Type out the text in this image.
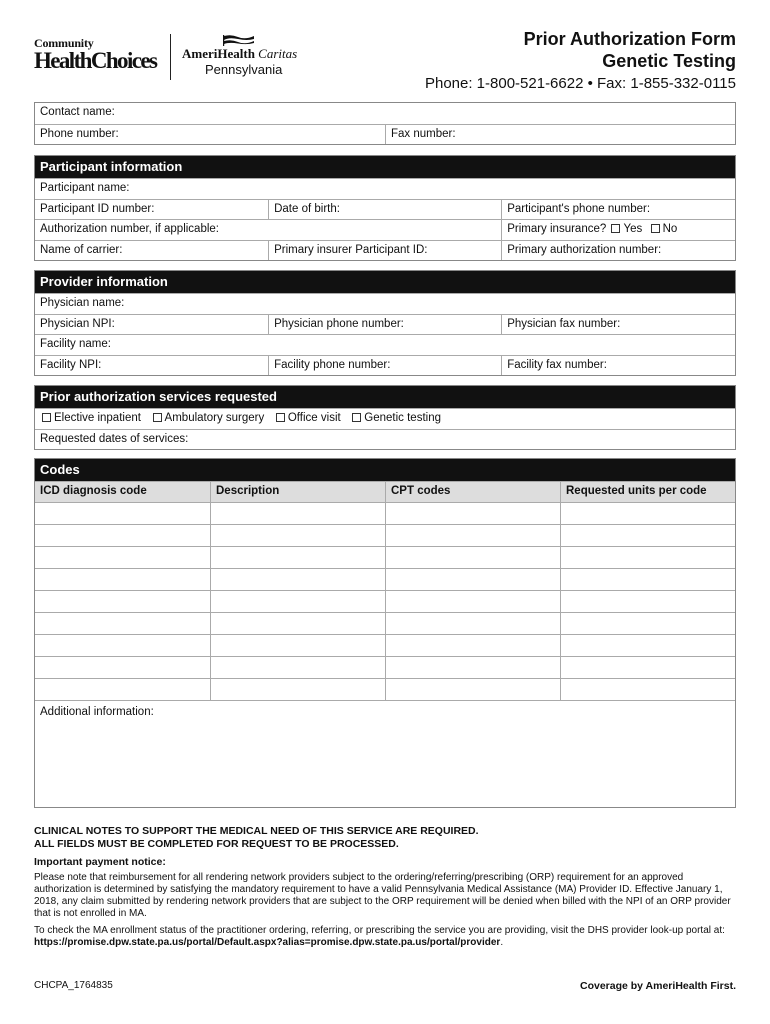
Community
HealthChoices	AmeriHealth Caritas
Pennsylvania
Prior Authorization Form
Genetic Testing
Phone: 1-800-521-6622 • Fax: 1-855-332-0115
Contact name:
Phone number:	Fax number:
Participant information
Participant name:
Participant ID number:	Date of birth:	Participant's phone number:
Authorization number, if applicable:	Primary insurance? Yes No
Name of carrier:	Primary insurer Participant ID:	Primary authorization number:
Provider information
Physician name:
Physician NPI:	Physician phone number:	Physician fax number:
Facility name:
Facility NPI:	Facility phone number:	Facility fax number:
Prior authorization services requested
Elective inpatient Ambulatory surgery Office visit Genetic testing
Requested dates of services:
Codes
ICD diagnosis code	Description	CPT codes	Requested units per code
Additional information:
CLINICAL NOTES TO SUPPORT THE MEDICAL NEED OF THIS SERVICE ARE REQUIRED.
ALL FIELDS MUST BE COMPLETED FOR REQUEST TO BE PROCESSED.
Important payment notice:

Please note that reimbursement for all rendering network providers subject to the ordering/referring/prescribing (ORP) requirement for an approved authorization is determined by satisfying the mandatory requirement to have a valid Pennsylvania Medical Assistance (MA) Provider ID. Effective January 1, 2018, any claim submitted by rendering network providers that are subject to the ORP requirement will be denied when billed with the NPI of an ORP provider that is not enrolled in MA.

To check the MA enrollment status of the practitioner ordering, referring, or prescribing the service you are providing, visit the DHS provider look-up portal at: https://promise.dpw.state.pa.us/portal/Default.aspx?alias=promise.dpw.state.pa.us/portal/provider.

CHCPA_1764835	Coverage by AmeriHealth First.
